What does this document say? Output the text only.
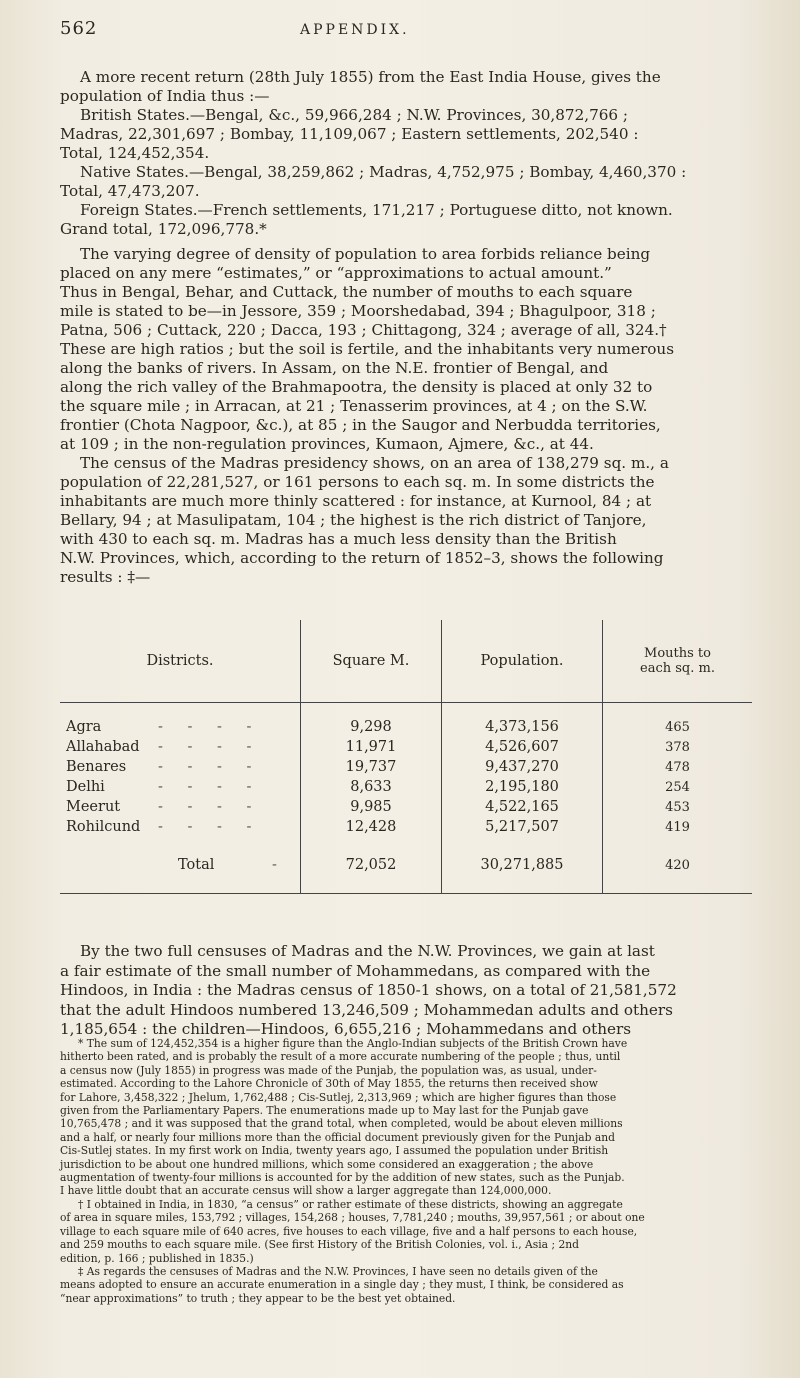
562	APPENDIX.

A more recent return (28th July 1855) from the East India House, gives the
population of India thus :—
British States.—Bengal, &c., 59,966,284 ; N.W. Provinces, 30,872,766 ;
Madras, 22,301,697 ; Bombay, 11,109,067 ; Eastern settlements, 202,540 :
Total, 124,452,354.
Native States.—Bengal, 38,259,862 ; Madras, 4,752,975 ; Bombay, 4,460,370 :
Total, 47,473,207.
Foreign States.—French settlements, 171,217 ; Portuguese ditto, not known.
Grand total, 172,096,778.*

The varying degree of density of population to area forbids reliance being
placed on any mere “estimates,” or “approximations to actual amount.”
Thus in Bengal, Behar, and Cuttack, the number of mouths to each square
mile is stated to be—in Jessore, 359 ; Moorshedabad, 394 ; Bhagulpoor, 318 ;
Patna, 506 ; Cuttack, 220 ; Dacca, 193 ; Chittagong, 324 ; average of all, 324.†
These are high ratios ; but the soil is fertile, and the inhabitants very numerous
along the banks of rivers. In Assam, on the N.E. frontier of Bengal, and
along the rich valley of the Brahmapootra, the density is placed at only 32 to
the square mile ; in Arracan, at 21 ; Tenasserim provinces, at 4 ; on the S.W.
frontier (Chota Nagpoor, &c.), at 85 ; in the Saugor and Nerbudda territories,
at 109 ; in the non-regulation provinces, Kumaon, Ajmere, &c., at 44.

The census of the Madras presidency shows, on an area of 138,279 sq. m., a
population of 22,281,527, or 161 persons to each sq. m. In some districts the
inhabitants are much more thinly scattered : for instance, at Kurnool, 84 ; at
Bellary, 94 ; at Masulipatam, 104 ; the highest is the rich district of Tanjore,
with 430 to each sq. m. Madras has a much less density than the British
N.W. Provinces, which, according to the return of 1852–3, shows the following
results : ‡—

Districts.	Square M.	Population.	Mouths to
each sq. m.

Agra - - - -	9,298	4,373,156	465
Allahabad - - - -	11,971	4,526,607	378
Benares - - - -	19,737	9,437,270	478
Delhi - - - -	8,633	2,195,180	254
Meerut - - - -	9,985	4,522,165	453
Rohilcund - - - -	12,428	5,217,507	419

Total -	72,052	30,271,885	420

By the two full censuses of Madras and the N.W. Provinces, we gain at last
a fair estimate of the small number of Mohammedans, as compared with the
Hindoos, in India : the Madras census of 1850-1 shows, on a total of 21,581,572
that the adult Hindoos numbered 13,246,509 ; Mohammedan adults and others
1,185,654 : the children—Hindoos, 6,655,216 ; Mohammedans and others
* The sum of 124,452,354 is a higher figure than the Anglo-Indian subjects of the British Crown have
hitherto been rated, and is probably the result of a more accurate numbering of the people ; thus, until
a census now (July 1855) in progress was made of the Punjab, the population was, as usual, under-
estimated. According to the Lahore Chronicle of 30th of May 1855, the returns then received show
for Lahore, 3,458,322 ; Jhelum, 1,762,488 ; Cis-Sutlej, 2,313,969 ; which are higher figures than those
given from the Parliamentary Papers. The enumerations made up to May last for the Punjab gave
10,765,478 ; and it was supposed that the grand total, when completed, would be about eleven millions
and a half, or nearly four millions more than the official document previously given for the Punjab and
Cis-Sutlej states. In my first work on India, twenty years ago, I assumed the population under British
jurisdiction to be about one hundred millions, which some considered an exaggeration ; the above
augmentation of twenty-four millions is accounted for by the addition of new states, such as the Punjab.
I have little doubt that an accurate census will show a larger aggregate than 124,000,000.
† I obtained in India, in 1830, “a census” or rather estimate of these districts, showing an aggregate
of area in square miles, 153,792 ; villages, 154,268 ; houses, 7,781,240 ; mouths, 39,957,561 ; or about one
village to each square mile of 640 acres, five houses to each village, five and a half persons to each house,
and 259 mouths to each square mile. (See first History of the British Colonies, vol. i., Asia ; 2nd
edition, p. 166 ; published in 1835.)
‡ As regards the censuses of Madras and the N.W. Provinces, I have seen no details given of the
means adopted to ensure an accurate enumeration in a single day ; they must, I think, be considered as
“near approximations” to truth ; they appear to be the best yet obtained.
